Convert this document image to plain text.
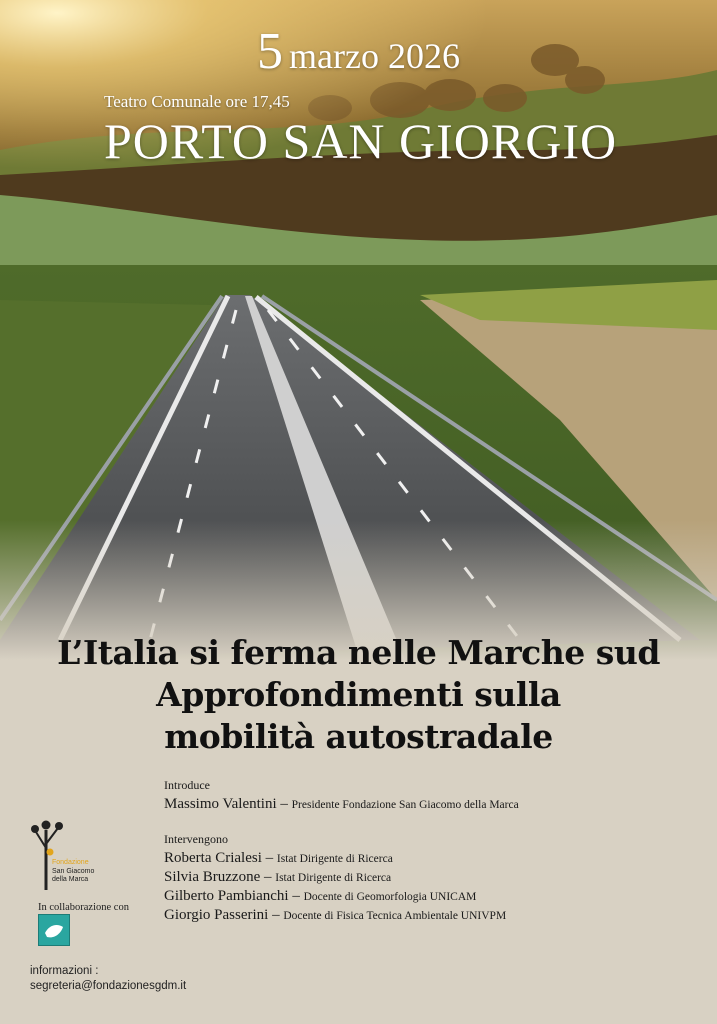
5 marzo 2026
Teatro Comunale ore 17,45
PORTO SAN GIORGIO
L’Italia si ferma nelle Marche sud
Approfondimenti sulla
mobilità autostradale
Introduce
Massimo Valentini – Presidente Fondazione San Giacomo della Marca
Intervengono
Roberta Crialesi – Istat Dirigente di Ricerca
Silvia Bruzzone – Istat Dirigente di Ricerca
Gilberto Pambianchi – Docente di Geomorfologia UNICAM
Giorgio Passerini – Docente di Fisica Tecnica Ambientale UNIVPM
Fondazione
San Giacomo
della Marca
In collaborazione con
informazioni :
segreteria@fondazionesgdm.it
